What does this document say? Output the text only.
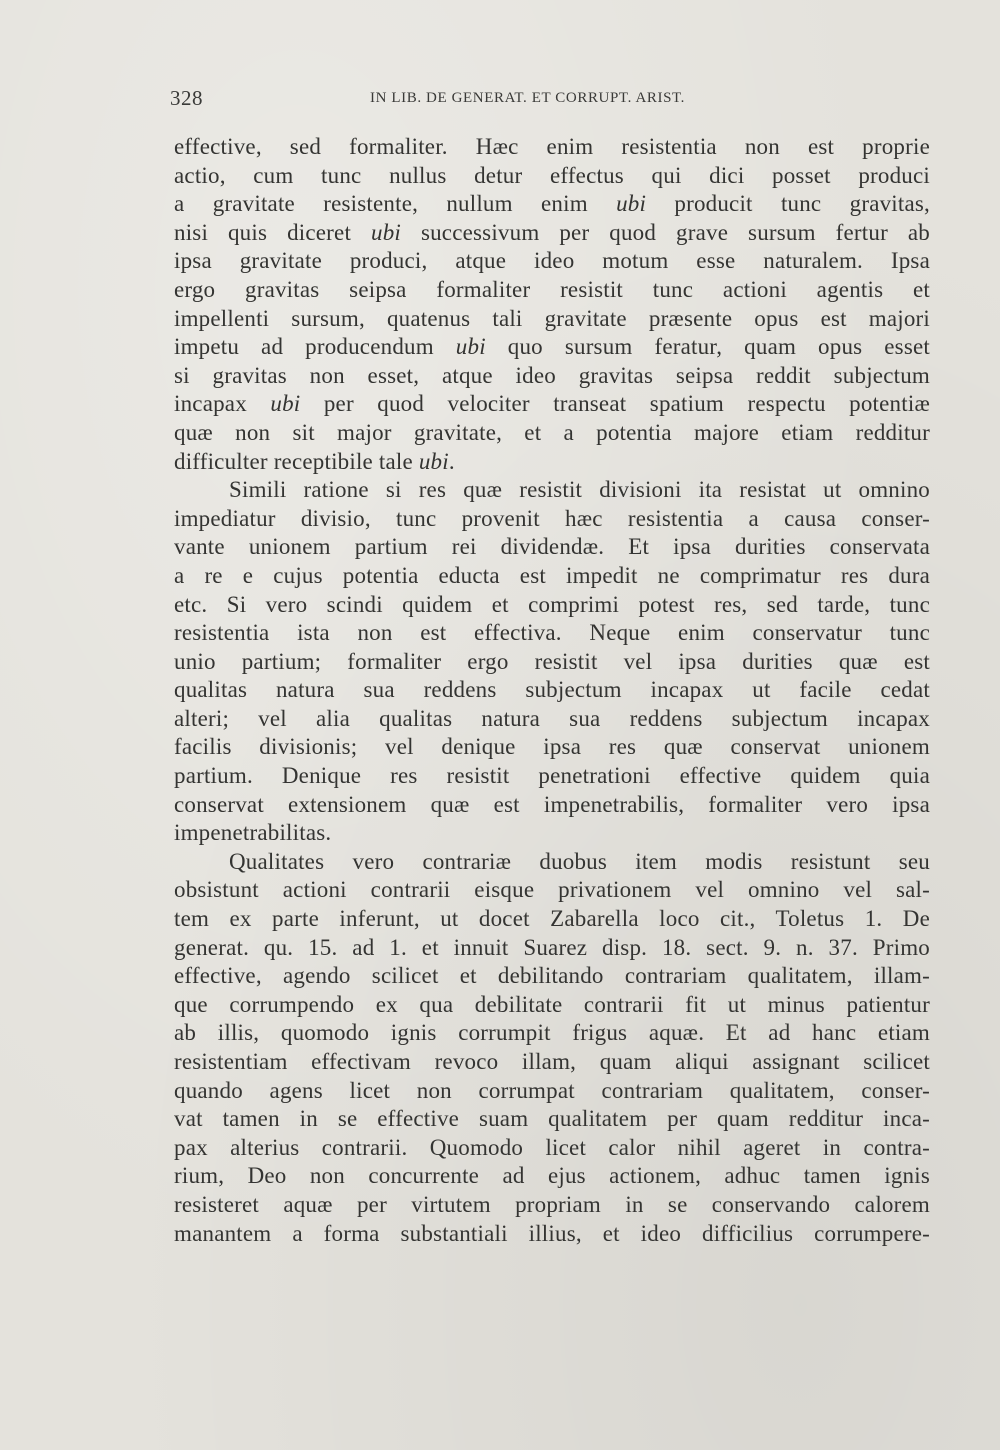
328	IN LIB. DE GENERAT. ET CORRUPT. ARIST.
effective, sed formaliter. Hæc enim resistentia non est proprie
actio, cum tunc nullus detur effectus qui dici posset produci
a gravitate resistente, nullum enim ubi producit tunc gravitas,
nisi quis diceret ubi successivum per quod grave sursum fertur ab
ipsa gravitate produci, atque ideo motum esse naturalem. Ipsa
ergo gravitas seipsa formaliter resistit tunc actioni agentis et
impellenti sursum, quatenus tali gravitate præsente opus est majori
impetu ad producendum ubi quo sursum feratur, quam opus esset
si gravitas non esset, atque ideo gravitas seipsa reddit subjectum
incapax ubi per quod velociter transeat spatium respectu potentiæ
quæ non sit major gravitate, et a potentia majore etiam redditur
difficulter receptibile tale ubi.
Simili ratione si res quæ resistit divisioni ita resistat ut omnino
impediatur divisio, tunc provenit hæc resistentia a causa conser-
vante unionem partium rei dividendæ. Et ipsa durities conservata
a re e cujus potentia educta est impedit ne comprimatur res dura
etc. Si vero scindi quidem et comprimi potest res, sed tarde, tunc
resistentia ista non est effectiva. Neque enim conservatur tunc
unio partium; formaliter ergo resistit vel ipsa durities quæ est
qualitas natura sua reddens subjectum incapax ut facile cedat
alteri; vel alia qualitas natura sua reddens subjectum incapax
facilis divisionis; vel denique ipsa res quæ conservat unionem
partium. Denique res resistit penetrationi effective quidem quia
conservat extensionem quæ est impenetrabilis, formaliter vero ipsa
impenetrabilitas.
Qualitates vero contrariæ duobus item modis resistunt seu
obsistunt actioni contrarii eisque privationem vel omnino vel sal-
tem ex parte inferunt, ut docet Zabarella loco cit., Toletus 1. De
generat. qu. 15. ad 1. et innuit Suarez disp. 18. sect. 9. n. 37. Primo
effective, agendo scilicet et debilitando contrariam qualitatem, illam-
que corrumpendo ex qua debilitate contrarii fit ut minus patientur
ab illis, quomodo ignis corrumpit frigus aquæ. Et ad hanc etiam
resistentiam effectivam revoco illam, quam aliqui assignant scilicet
quando agens licet non corrumpat contrariam qualitatem, conser-
vat tamen in se effective suam qualitatem per quam redditur inca-
pax alterius contrarii. Quomodo licet calor nihil ageret in contra-
rium, Deo non concurrente ad ejus actionem, adhuc tamen ignis
resisteret aquæ per virtutem propriam in se conservando calorem
manantem a forma substantiali illius, et ideo difficilius corrumpere-
